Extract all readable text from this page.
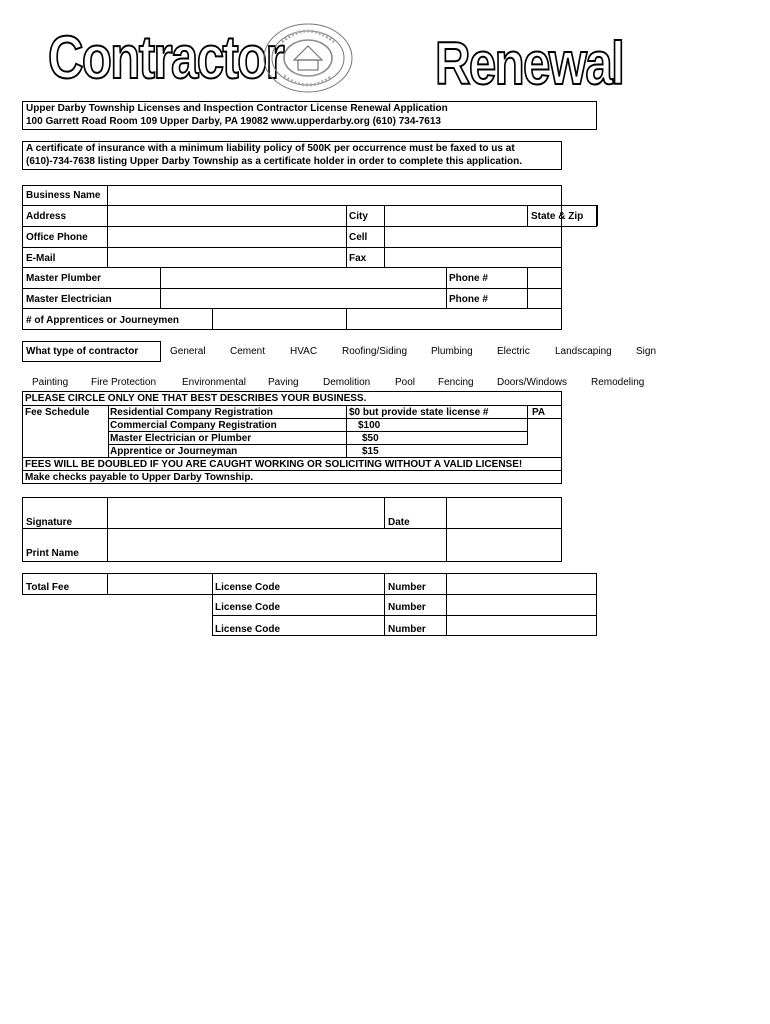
Contractor	Renewal
Upper Darby Township Licenses and Inspection Contractor License Renewal Application
100 Garrett Road Room 109 Upper Darby, PA 19082 www.upperdarby.org (610) 734-7613
A certificate of insurance with a minimum liability policy of 500K per occurrence must be faxed to us at
(610)-734-7638 listing Upper Darby Township as a certificate holder in order to complete this application.
Business Name
Address	City	State & Zip
Office Phone	Cell
E-Mail	Fax
Master Plumber	Phone #
Master Electrician	Phone #
# of Apprentices or Journeymen
What type of contractor	General Cement HVAC Roofing/Siding Plumbing Electric	Landscaping Sign
Painting Fire Protection	Environmental Paving Demolition Pool Fencing Doors/Windows Remodeling
PLEASE CIRCLE ONLY ONE THAT BEST DESCRIBES YOUR BUSINESS.
Fee Schedule Residential Company Registration	$0 but provide state license #	PA
Commercial Company Registration	$100
Master Electrician or Plumber	$50
Apprentice or Journeyman	$15
FEES WILL BE DOUBLED IF YOU ARE CAUGHT WORKING OR SOLICITING WITHOUT A VALID LICENSE!
Make checks payable to Upper Darby Township.
Signature	Date
Print Name
Total Fee	License Code	Number
License Code	Number
License Code	Number
